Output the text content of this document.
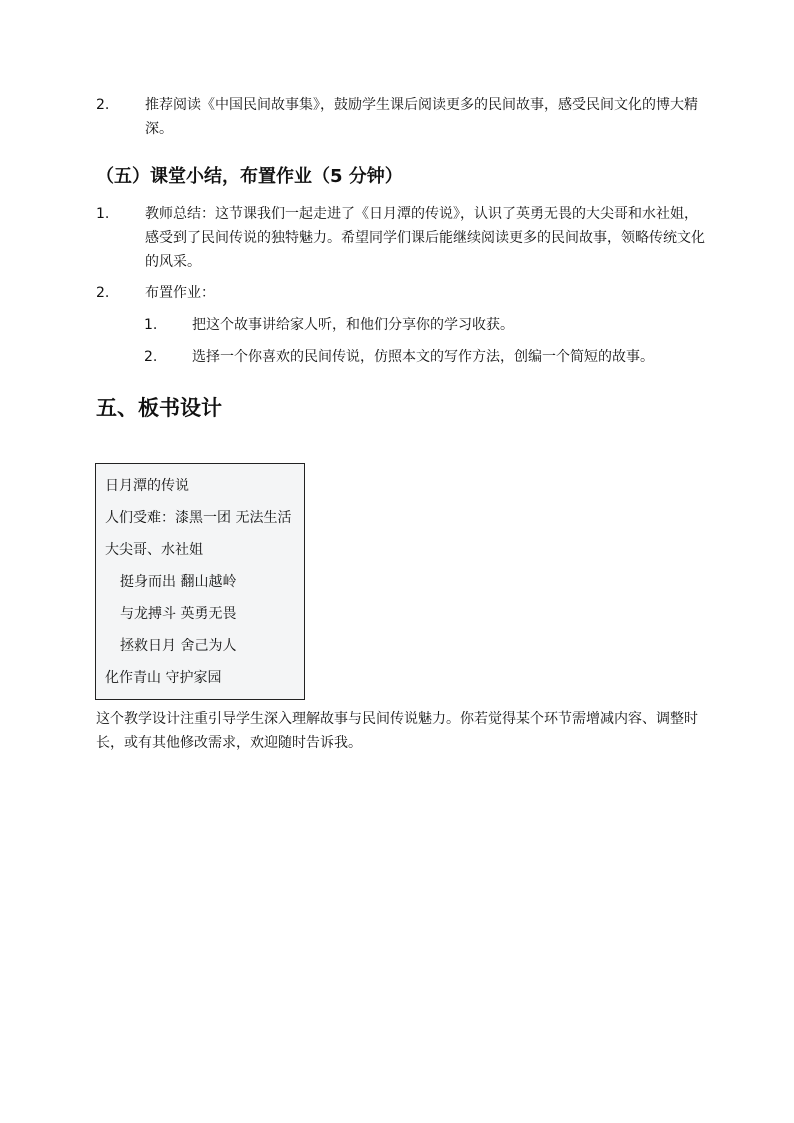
2.	推荐阅读《中国民间故事集》，鼓励学生课后阅读更多的民间故事，感受民间文化的博大精深。
（五）课堂小结，布置作业（5 分钟）
1.	教师总结：这节课我们一起走进了《日月潭的传说》，认识了英勇无畏的大尖哥和水社姐，感受到了民间传说的独特魅力。希望同学们课后能继续阅读更多的民间故事，领略传统文化的风采。
2.	布置作业：
1. 把这个故事讲给家人听，和他们分享你的学习收获。
2. 选择一个你喜欢的民间传说，仿照本文的写作方法，创编一个简短的故事。
五、板书设计
日月潭的传说
人们受难：漆黑一团 无法生活
大尖哥、水社姐
挺身而出 翻山越岭
与龙搏斗 英勇无畏
拯救日月 舍己为人
化作青山 守护家园
这个教学设计注重引导学生深入理解故事与民间传说魅力。你若觉得某个环节需增减内容、调整时长，或有其他修改需求，欢迎随时告诉我。
